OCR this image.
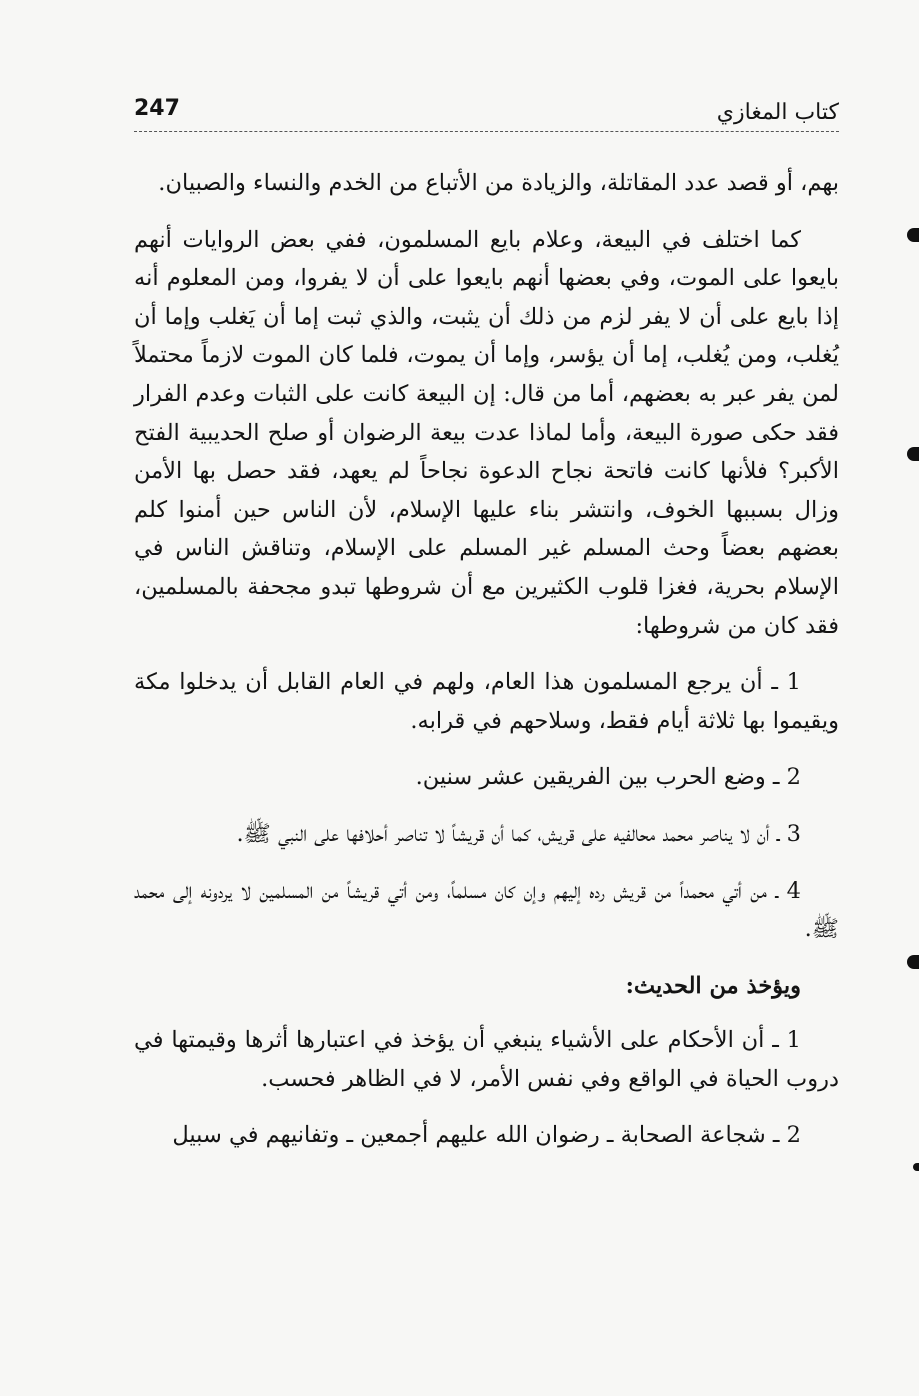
كتاب المغازي
247

بهم، أو قصد عدد المقاتلة، والزيادة من الأتباع من الخدم والنساء والصبيان.

كما اختلف في البيعة، وعلام بايع المسلمون، ففي بعض الروايات أنهم بايعوا على الموت، وفي بعضها أنهم بايعوا على أن لا يفروا، ومن المعلوم أنه إذا بايع على أن لا يفر لزم من ذلك أن يثبت، والذي ثبت إما أن يَغلب وإما أن يُغلب، ومن يُغلب، إما أن يؤسر، وإما أن يموت، فلما كان الموت لازماً محتملاً لمن يفر عبر به بعضهم، أما من قال: إن البيعة كانت على الثبات وعدم الفرار فقد حكى صورة البيعة، وأما لماذا عدت بيعة الرضوان أو صلح الحديبية الفتح الأكبر؟ فلأنها كانت فاتحة نجاح الدعوة نجاحاً لم يعهد، فقد حصل بها الأمن وزال بسببها الخوف، وانتشر بناء عليها الإسلام، لأن الناس حين أمنوا كلم بعضهم بعضاً وحث المسلم غير المسلم على الإسلام، وتناقش الناس في الإسلام بحرية، فغزا قلوب الكثيرين مع أن شروطها تبدو مجحفة بالمسلمين، فقد كان من شروطها:

1 ـ أن يرجع المسلمون هذا العام، ولهم في العام القابل أن يدخلوا مكة ويقيموا بها ثلاثة أيام فقط، وسلاحهم في قرابه.

2 ـ وضع الحرب بين الفريقين عشر سنين.

3 ـ أن لا يناصر محمد محالفيه على قريش، كما أن قريشاً لا تناصر أحلافها على النبي ﷺ.

4 ـ من أتي محمداً من قريش رده إليهم وإن كان مسلماً، ومن أتي قريشاً من المسلمين لا يردونه إلى محمد ﷺ.

ويؤخذ من الحديث:

1 ـ أن الأحكام على الأشياء ينبغي أن يؤخذ في اعتبارها أثرها وقيمتها في دروب الحياة في الواقع وفي نفس الأمر، لا في الظاهر فحسب.

2 ـ شجاعة الصحابة ـ رضوان الله عليهم أجمعين ـ وتفانيهم في سبيل
